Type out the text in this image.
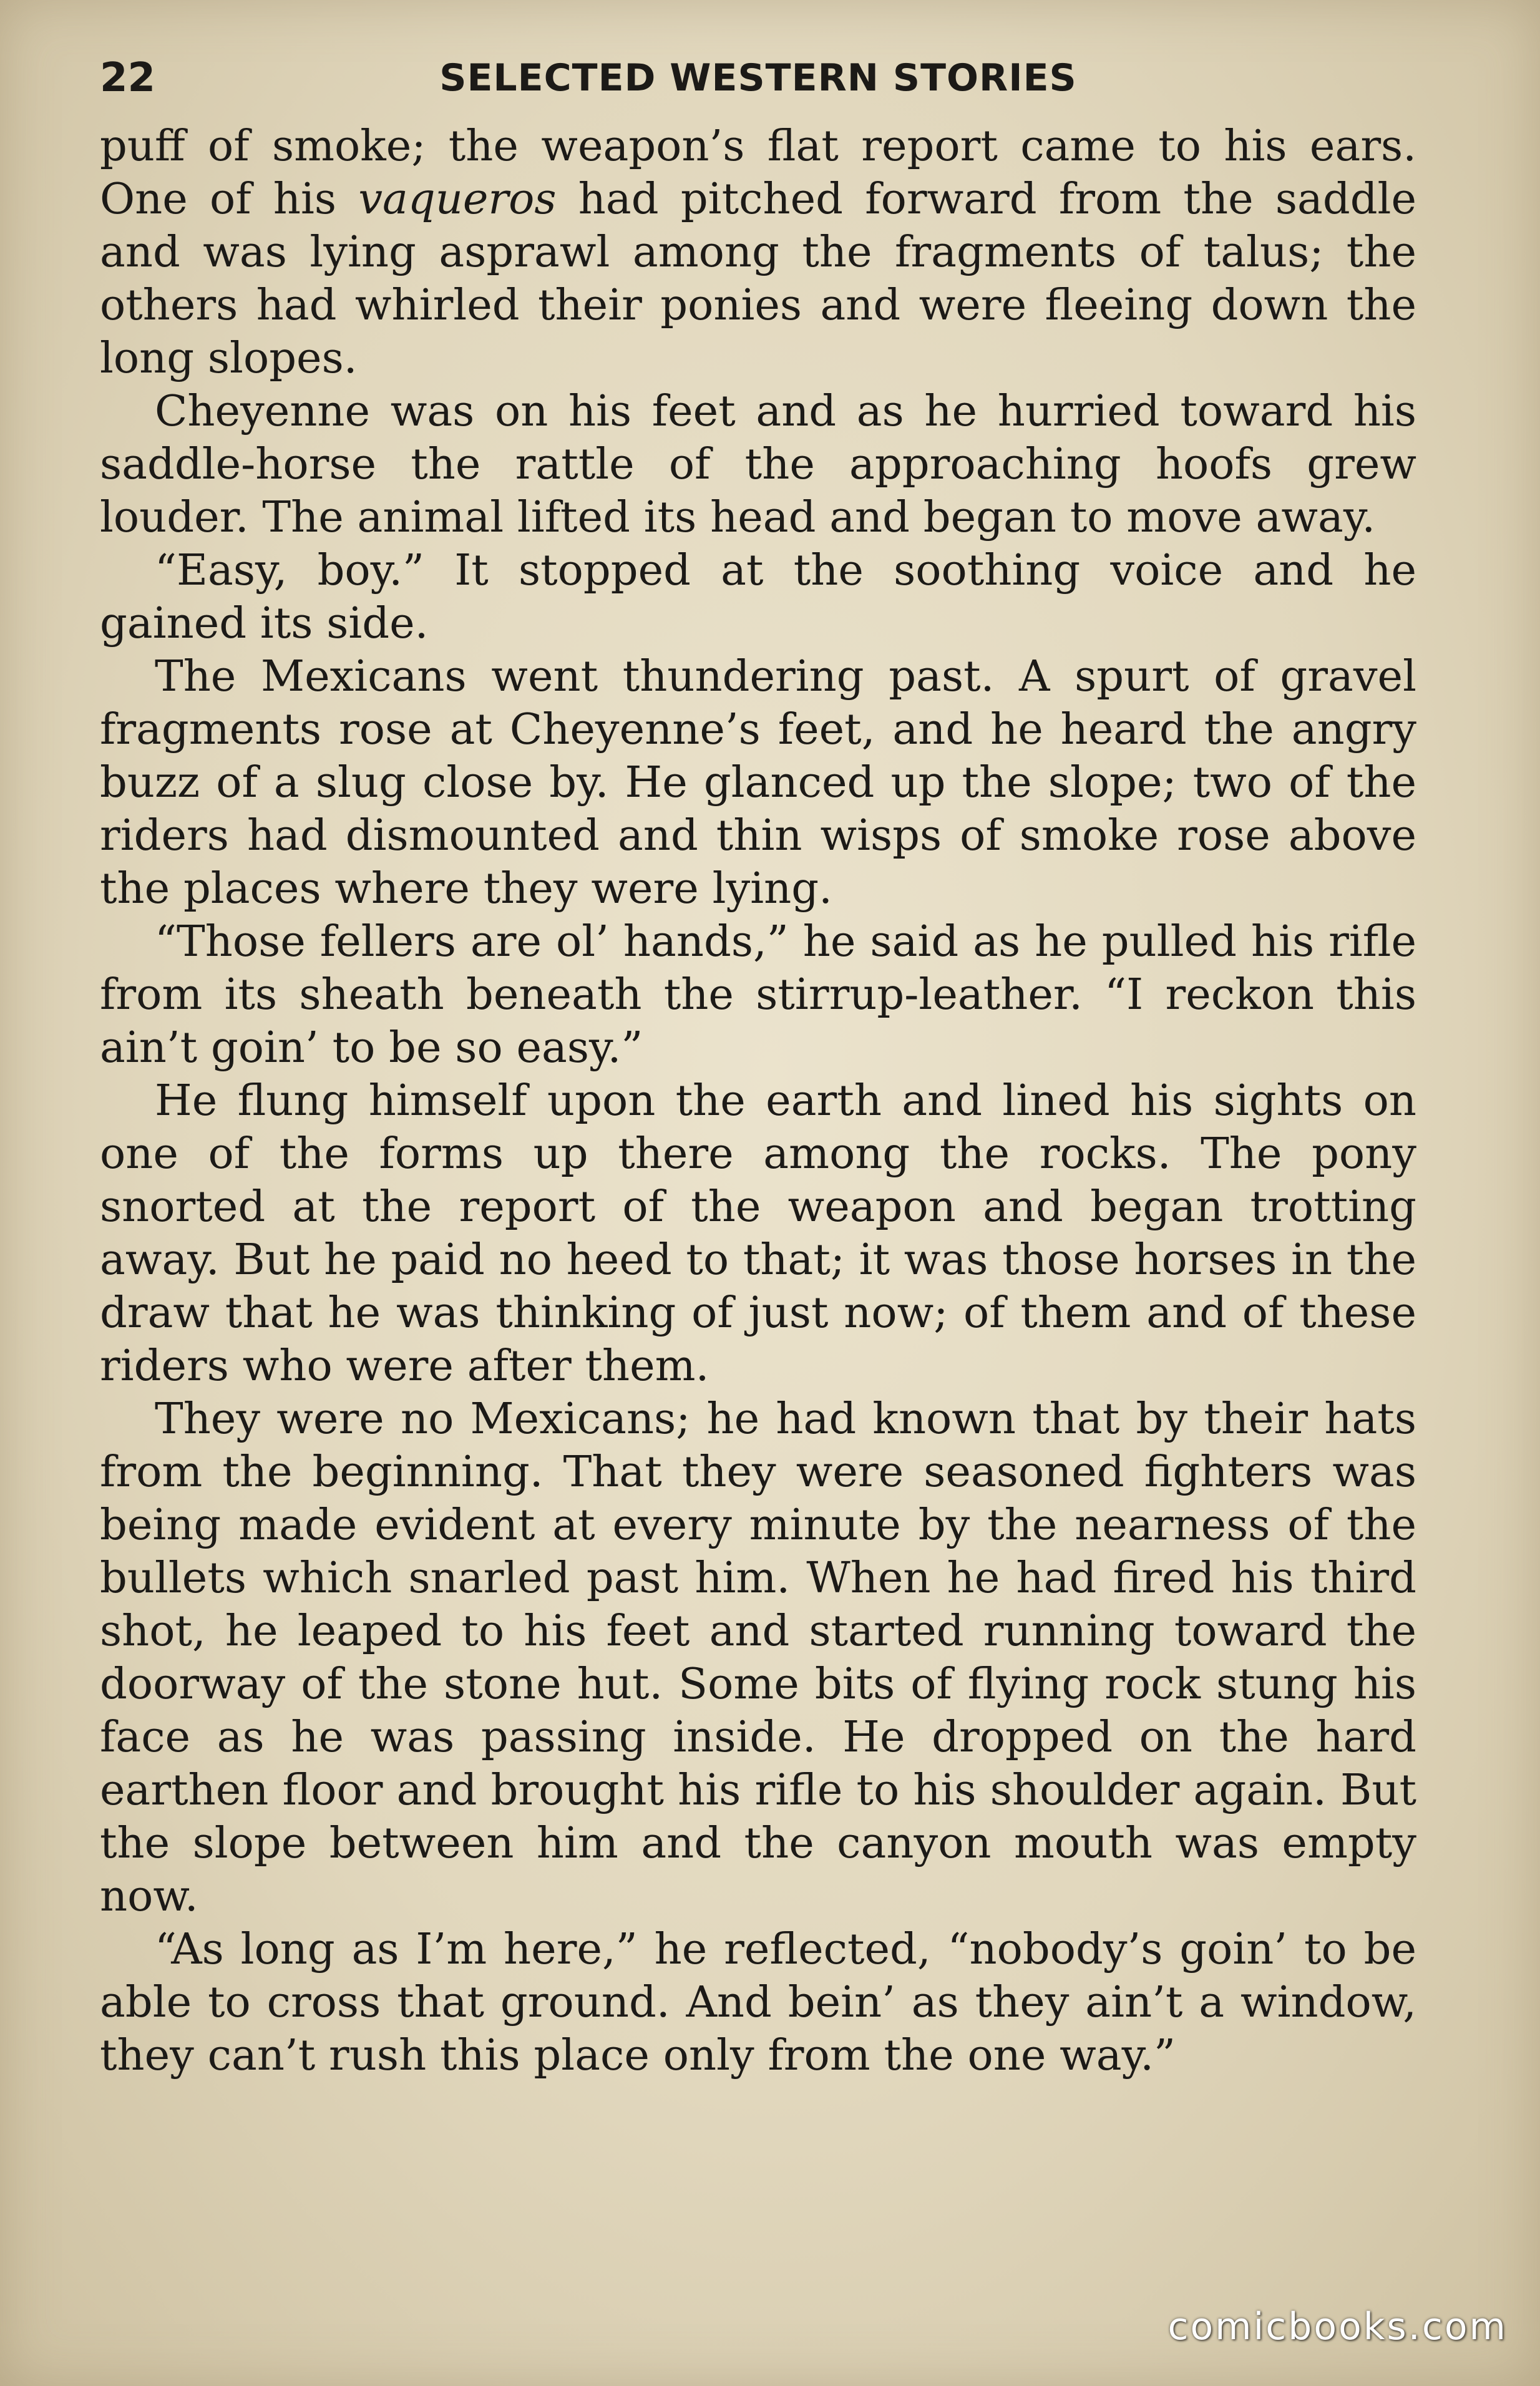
22	SELECTED WESTERN STORIES

puff of smoke; the weapon’s flat report came to his ears. One of his vaqueros had pitched forward from the saddle and was lying asprawl among the fragments of talus; the others had whirled their ponies and were fleeing down the long slopes.

Cheyenne was on his feet and as he hurried toward his saddle-horse the rattle of the approaching hoofs grew louder. The animal lifted its head and began to move away.

“Easy, boy.” It stopped at the soothing voice and he gained its side.

The Mexicans went thundering past. A spurt of gravel fragments rose at Cheyenne’s feet, and he heard the angry buzz of a slug close by. He glanced up the slope; two of the riders had dismounted and thin wisps of smoke rose above the places where they were lying.

“Those fellers are ol’ hands,” he said as he pulled his rifle from its sheath beneath the stirrup-leather. “I reckon this ain’t goin’ to be so easy.”

He flung himself upon the earth and lined his sights on one of the forms up there among the rocks. The pony snorted at the report of the weapon and began trotting away. But he paid no heed to that; it was those horses in the draw that he was thinking of just now; of them and of these riders who were after them.

They were no Mexicans; he had known that by their hats from the beginning. That they were seasoned fighters was being made evident at every minute by the nearness of the bullets which snarled past him. When he had fired his third shot, he leaped to his feet and started running toward the doorway of the stone hut. Some bits of flying rock stung his face as he was passing inside. He dropped on the hard earthen floor and brought his rifle to his shoulder again. But the slope between him and the canyon mouth was empty now.

“As long as I’m here,” he reflected, “nobody’s goin’ to be able to cross that ground. And bein’ as they ain’t a window, they can’t rush this place only from the one way.”

comicbooks.com
